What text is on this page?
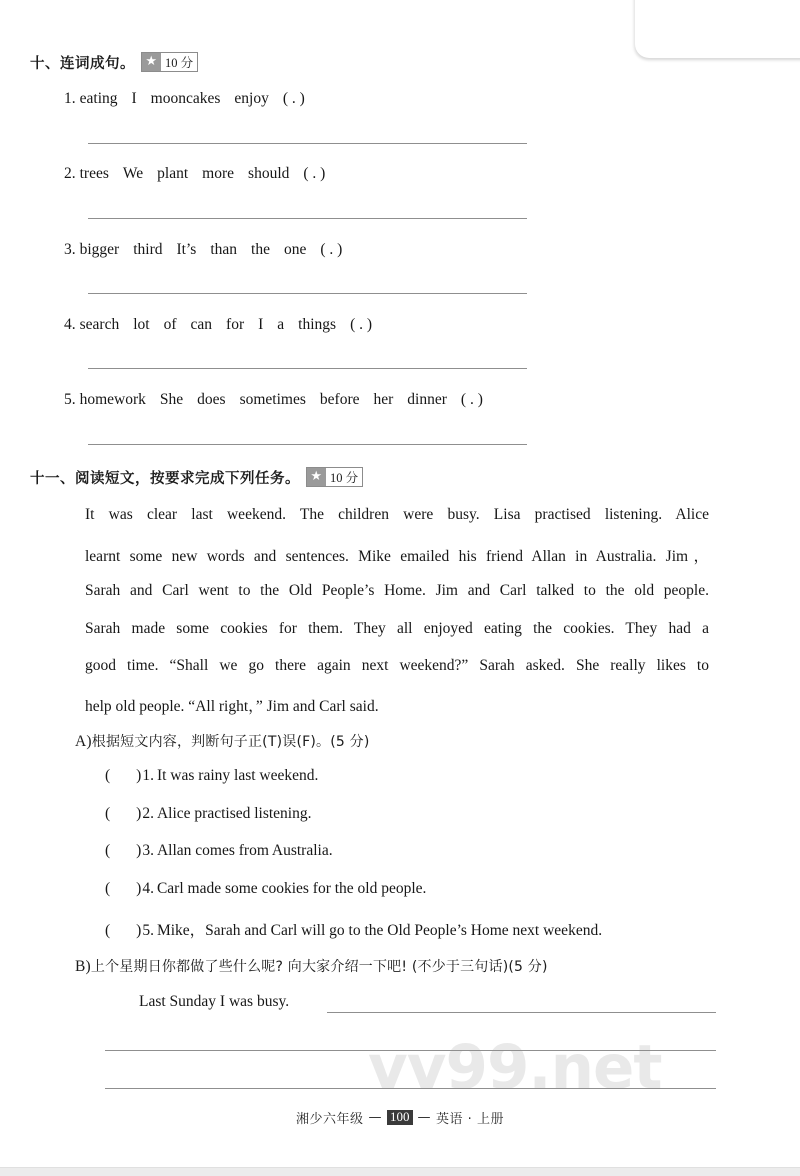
vv99.net
十、连词成句。 ★ 10 分
1. eating I mooncakes enjoy ( . )
2. trees We plant more should ( . )
3. bigger third It’s than the one ( . )
4. search lot of can for I a things ( . )
5. homework She does sometimes before her dinner ( . )
十一、阅读短文，按要求完成下列任务。 ★ 10 分
It was clear last weekend. The children were busy. Lisa practised listening. Alice
learnt some new words and sentences. Mike emailed his friend Allan in Australia. Jim，
Sarah and Carl went to the Old People’s Home. Jim and Carl talked to the old people.
Sarah made some cookies for them. They all enjoyed eating the cookies. They had a
good time. “Shall we go there again next weekend?” Sarah asked. She really likes to
help old people. “All right，” Jim and Carl said.
A)根据短文内容，判断句子正(T)误(F)。(5 分)
( )1. It was rainy last weekend.
( )2. Alice practised listening.
( )3. Allan comes from Australia.
( )4. Carl made some cookies for the old people.
( )5. Mike，Sarah and Carl will go to the Old People’s Home next weekend.
B)上个星期日你都做了些什么呢? 向大家介绍一下吧! (不少于三句话)(5 分)
Last Sunday I was busy.
湘少六年级 — 100 — 英语 · 上册
